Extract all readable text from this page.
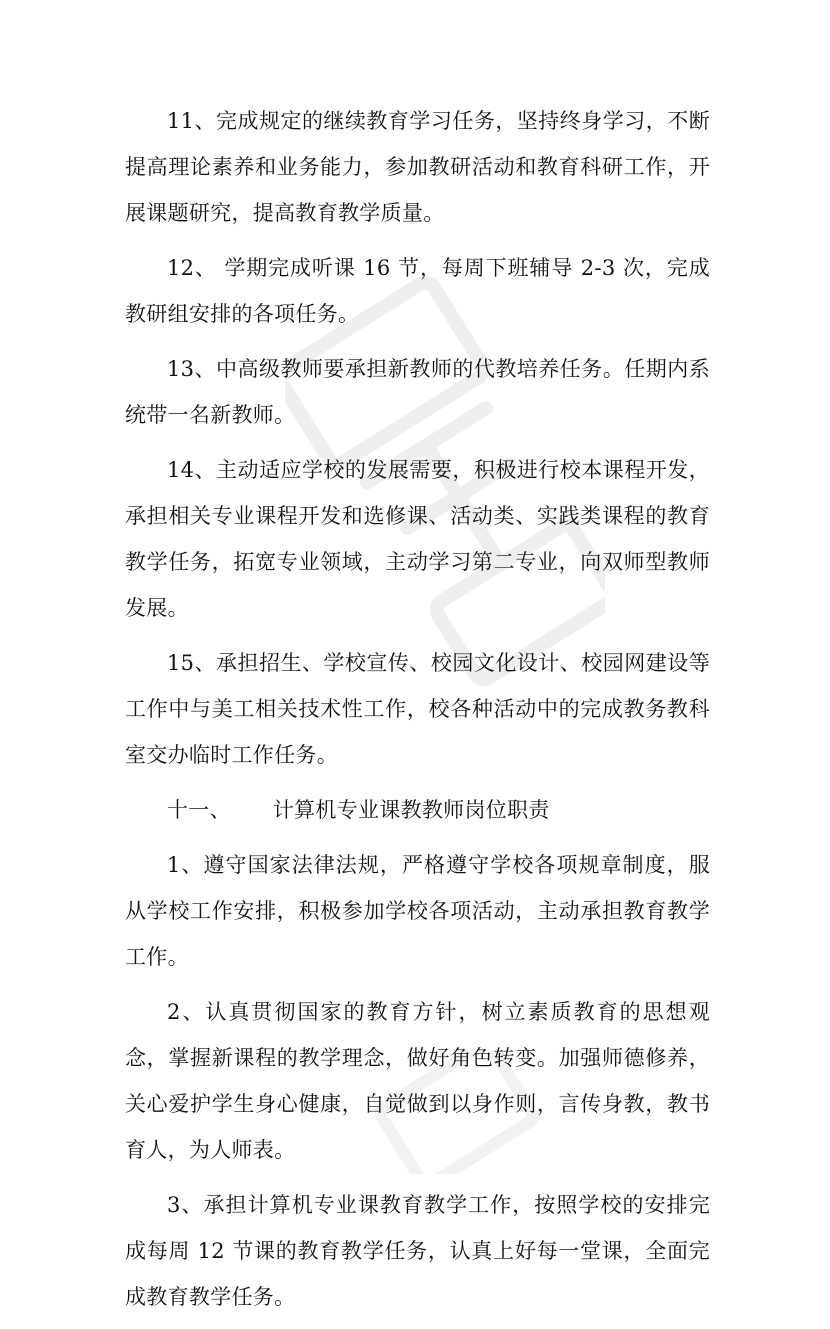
11、完成规定的继续教育学习任务，坚持终身学习，不断提高理论素养和业务能力，参加教研活动和教育科研工作，开展课题研究，提高教育教学质量。

12、 学期完成听课 16 节，每周下班辅导 2-3 次，完成教研组安排的各项任务。

13、中高级教师要承担新教师的代教培养任务。任期内系统带一名新教师。

14、主动适应学校的发展需要，积极进行校本课程开发，承担相关专业课程开发和选修课、活动类、实践类课程的教育教学任务，拓宽专业领域，主动学习第二专业，向双师型教师发展。

15、承担招生、学校宣传、校园文化设计、校园网建设等工作中与美工相关技术性工作，校各种活动中的完成教务教科室交办临时工作任务。

十一、 计算机专业课教教师岗位职责

1、遵守国家法律法规，严格遵守学校各项规章制度，服从学校工作安排，积极参加学校各项活动，主动承担教育教学工作。

2、认真贯彻国家的教育方针，树立素质教育的思想观念，掌握新课程的教学理念，做好角色转变。加强师德修养，关心爱护学生身心健康，自觉做到以身作则，言传身教，教书育人，为人师表。

3、承担计算机专业课教育教学工作，按照学校的安排完成每周 12 节课的教育教学任务，认真上好每一堂课，全面完成教育教学任务。
